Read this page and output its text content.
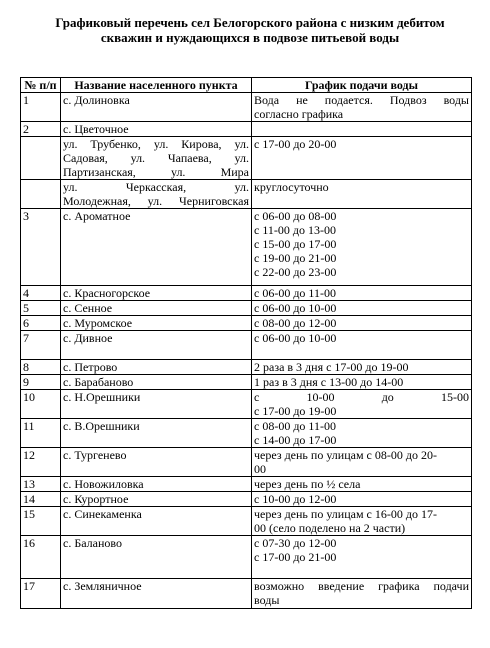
Графиковый перечень сел Белогорского района с низким дебитом
скважин и нуждающихся в подвозе питьевой воды
№ п/п	Название населенного пункта	График подачи воды
1	с. Долиновка	Вода не подается. Подвоз воды
согласно графика

2	с. Цветочное	

	ул. Трубенко, ул. Кирова, ул.
Садовая, ул. Чапаева, ул.
Партизанская, ул. Мира	с 17-00 до 20-00

	ул. Черкасская, ул.
Молодежная, ул. Черниговская	круглосуточно

3	с. Ароматное	с 06-00 до 08-00
с 11-00 до 13-00
с 15-00 до 17-00
с 19-00 до 21-00
с 22-00 до 23-00

4	с. Красногорское	с 06-00 до 11-00

5	с. Сенное	с 06-00 до 10-00

6	с. Муромское	с 08-00 до 12-00

7	с. Дивное	с 06-00 до 10-00

8	с. Петрово	2 раза в 3 дня с 17-00 до 19-00

9	с. Барабаново	1 раз в 3 дня с 13-00 до 14-00

10	с. Н.Орешники	с 10-00 до 15-00
с 17-00 до 19-00

11	с. В.Орешники	с 08-00 до 11-00
с 14-00 до 17-00

12	с. Тургенево	через день по улицам с 08-00 до 20-
00

13	с. Новожиловка	через день по ½ села

14	с. Курортное	с 10-00 до 12-00

15	с. Синекаменка	через день по улицам с 16-00 до 17-
00 (село поделено на 2 части)

16	с. Баланово	с 07-30 до 12-00
с 17-00 до 21-00

17	с. Земляничное	возможно введение графика подачи
воды
